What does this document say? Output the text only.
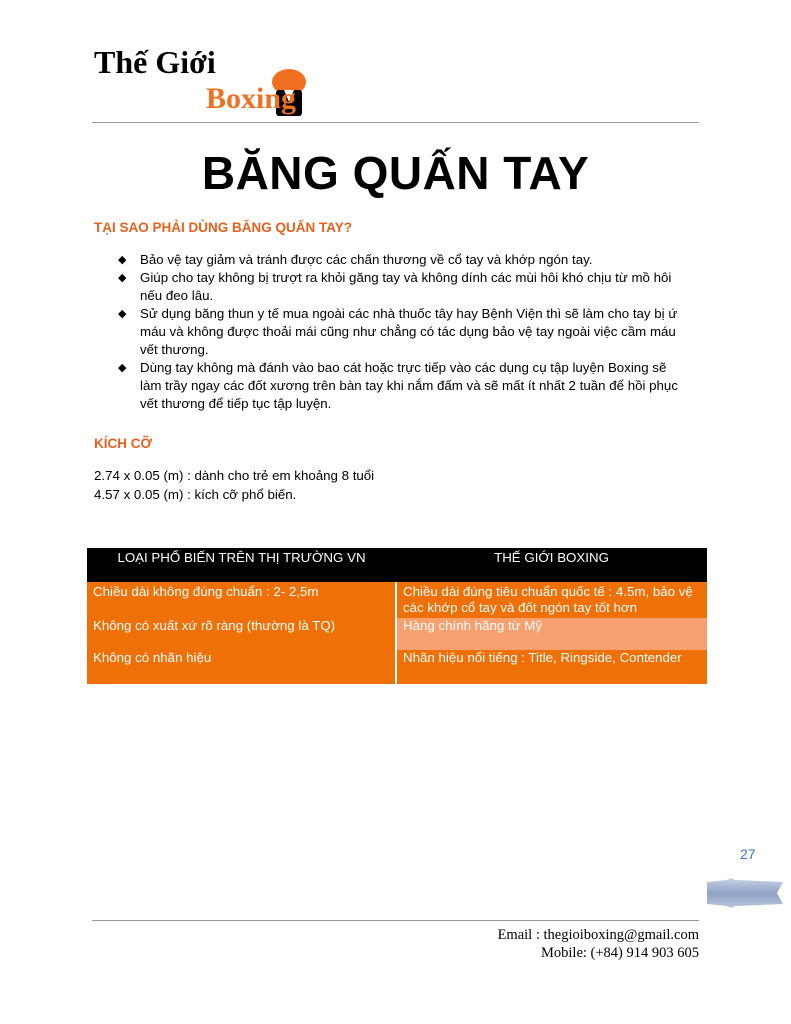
Thế Giới
Boxing
BĂNG QUẤN TAY
TẠI SAO PHẢI DÙNG BĂNG QUẤN TAY?
◆ Bảo vệ tay giảm và tránh được các chấn thương về cổ tay và khớp ngón tay.
◆ Giúp cho tay không bị trượt ra khỏi găng tay và không dính các mùi hôi khó chịu từ mồ hôi nếu đeo lâu.
◆ Sử dụng băng thun y tế mua ngoài các nhà thuốc tây hay Bệnh Viện thì sẽ làm cho tay bị ứ máu và không được thoải mái cũng như chẳng có tác dụng bảo vệ tay ngoài việc cầm máu vết thương.
◆ Dùng tay không mà đánh vào bao cát hoặc trực tiếp vào các dụng cụ tập luyện Boxing sẽ làm trầy ngay các đốt xương trên bàn tay khi nắm đấm và sẽ mất ít nhất 2 tuần để hồi phục vết thương để tiếp tục tập luyện.
KÍCH CỠ
2.74 x 0.05 (m) : dành cho trẻ em khoảng 8 tuổi
4.57 x 0.05 (m) : kích cỡ phổ biến.
LOẠI PHỔ BIẾN TRÊN THỊ TRƯỜNG VN	THẾ GIỚI BOXING
Chiều dài không đúng chuẩn : 2- 2,5m	Chiều dài đúng tiêu chuẩn quốc tế : 4.5m, bảo vệ các khớp cổ tay và đốt ngón tay tốt hơn
Không có xuất xứ rõ ràng (thường là TQ)	Hàng chính hãng từ Mỹ
Không có nhãn hiệu	Nhãn hiệu nổi tiếng : Title, Ringside, Contender
27
Email : thegioiboxing@gmail.com
Mobile: (+84) 914 903 605
